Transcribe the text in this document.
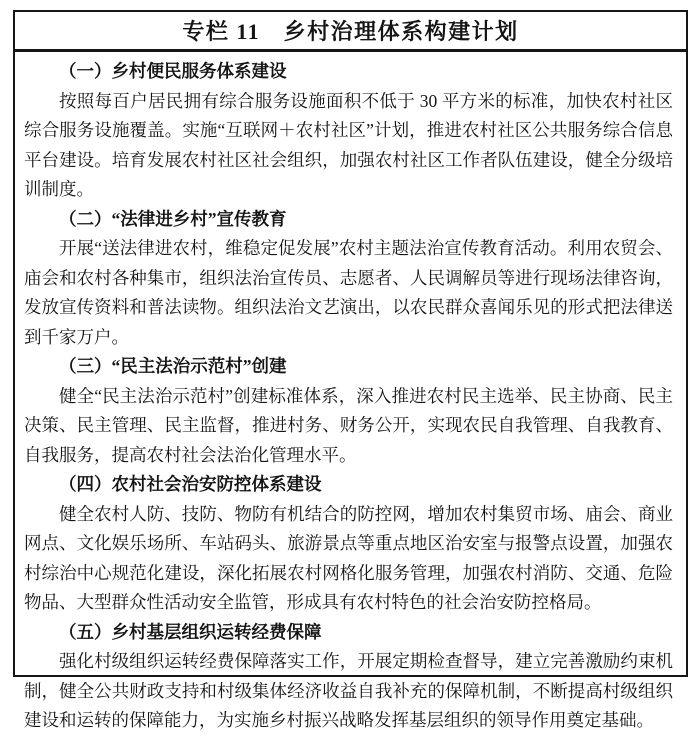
专栏 11　乡村治理体系构建计划
（一）乡村便民服务体系建设

按照每百户居民拥有综合服务设施面积不低于 30 平方米的标准，加快农村社区综合服务设施覆盖。实施“互联网＋农村社区”计划，推进农村社区公共服务综合信息平台建设。培育发展农村社区社会组织，加强农村社区工作者队伍建设，健全分级培训制度。

（二）“法律进乡村”宣传教育

开展“送法律进农村，维稳定促发展”农村主题法治宣传教育活动。利用农贸会、庙会和农村各种集市，组织法治宣传员、志愿者、人民调解员等进行现场法律咨询，发放宣传资料和普法读物。组织法治文艺演出，以农民群众喜闻乐见的形式把法律送到千家万户。

（三）“民主法治示范村”创建

健全“民主法治示范村”创建标准体系，深入推进农村民主选举、民主协商、民主决策、民主管理、民主监督，推进村务、财务公开，实现农民自我管理、自我教育、自我服务，提高农村社会法治化管理水平。

（四）农村社会治安防控体系建设

健全农村人防、技防、物防有机结合的防控网，增加农村集贸市场、庙会、商业网点、文化娱乐场所、车站码头、旅游景点等重点地区治安室与报警点设置，加强农村综治中心规范化建设，深化拓展农村网格化服务管理，加强农村消防、交通、危险物品、大型群众性活动安全监管，形成具有农村特色的社会治安防控格局。

（五）乡村基层组织运转经费保障

强化村级组织运转经费保障落实工作，开展定期检查督导，建立完善激励约束机制，健全公共财政支持和村级集体经济收益自我补充的保障机制，不断提高村级组织建设和运转的保障能力，为实施乡村振兴战略发挥基层组织的领导作用奠定基础。
